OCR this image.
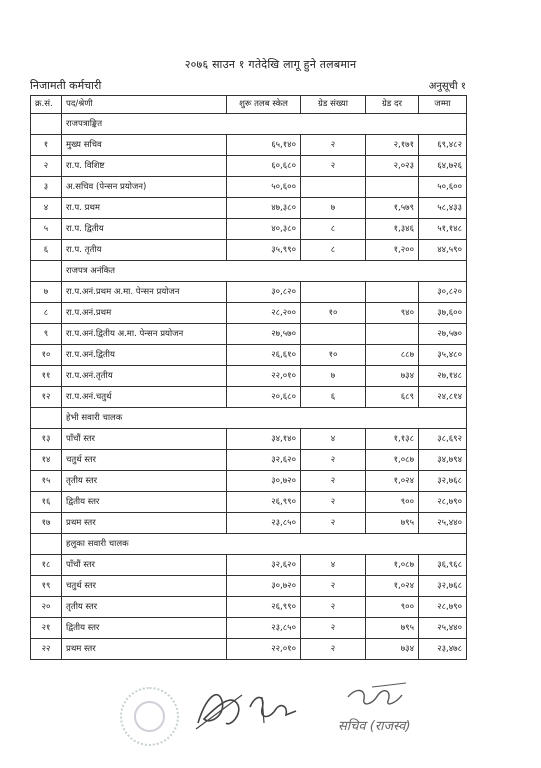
२०७६ साउन १ गतेदेखि लागू हुने तलबमान
निजामती कर्मचारी	अनुसूची १
क्र.सं.	पद/श्रेणी	शुरू तलब स्केल	ग्रेड संख्या	ग्रेड दर	जम्मा
	राजपत्राङ्कित				
१	मुख्य सचिव	६५,१४०	२	२,१७१	६९,४८२
२	रा.प. विशिष्ट	६०,६८०	२	२,०२३	६४,७२६
३	अ.सचिव (पेन्सन प्रयोजन)	५०,६००			५०,६००
४	रा.प. प्रथम	४७,३८०	७	१,५७९	५८,४३३
५	रा.प. द्वितीय	४०,३८०	८	१,३४६	५१,१४८
६	रा.प. तृतीय	३५,९९०	८	१,२००	४४,५९०
	राजपत्र अनंकित				
७	रा.प.अनं.प्रथम अ.मा. पेन्सन प्रयोजन	३०,८२०			३०,८२०
८	रा.प.अनं.प्रथम	२८,२००	१०	९४०	३७,६००
९	रा.प.अनं.द्वितीय अ.मा. पेन्सन प्रयोजन	२७,५७०			२७,५७०
१०	रा.प.अनं.द्वितीय	२६,६१०	१०	८८७	३५,४८०
११	रा.प.अनं.तृतीय	२२,०१०	७	७३४	२७,१४८
१२	रा.प.अनं.चतुर्थ	२०,६८०	६	६८९	२४,८१४
	हेभी सवारी चालक				
१३	पाँचौं स्तर	३४,१४०	४	१,१३८	३८,६९२
१४	चतुर्थ स्तर	३२,६२०	२	१,०८७	३४,७९४
१५	तृतीय स्तर	३०,७२०	२	१,०२४	३२,७६८
१६	द्वितीय स्तर	२६,९९०	२	९००	२८,७९०
१७	प्रथम स्तर	२३,८५०	२	७९५	२५,४४०
	हलुका सवारी चालक				
१८	पाँचौं स्तर	३२,६२०	४	१,०८७	३६,९६८
१९	चतुर्थ स्तर	३०,७२०	२	१,०२४	३२,७६८
२०	तृतीय स्तर	२६,९९०	२	९००	२८,७९०
२१	द्वितीय स्तर	२३,८५०	२	७९५	२५,४४०
२२	प्रथम स्तर	२२,०१०	२	७३४	२३,४७८
सचिव (राजस्व)
